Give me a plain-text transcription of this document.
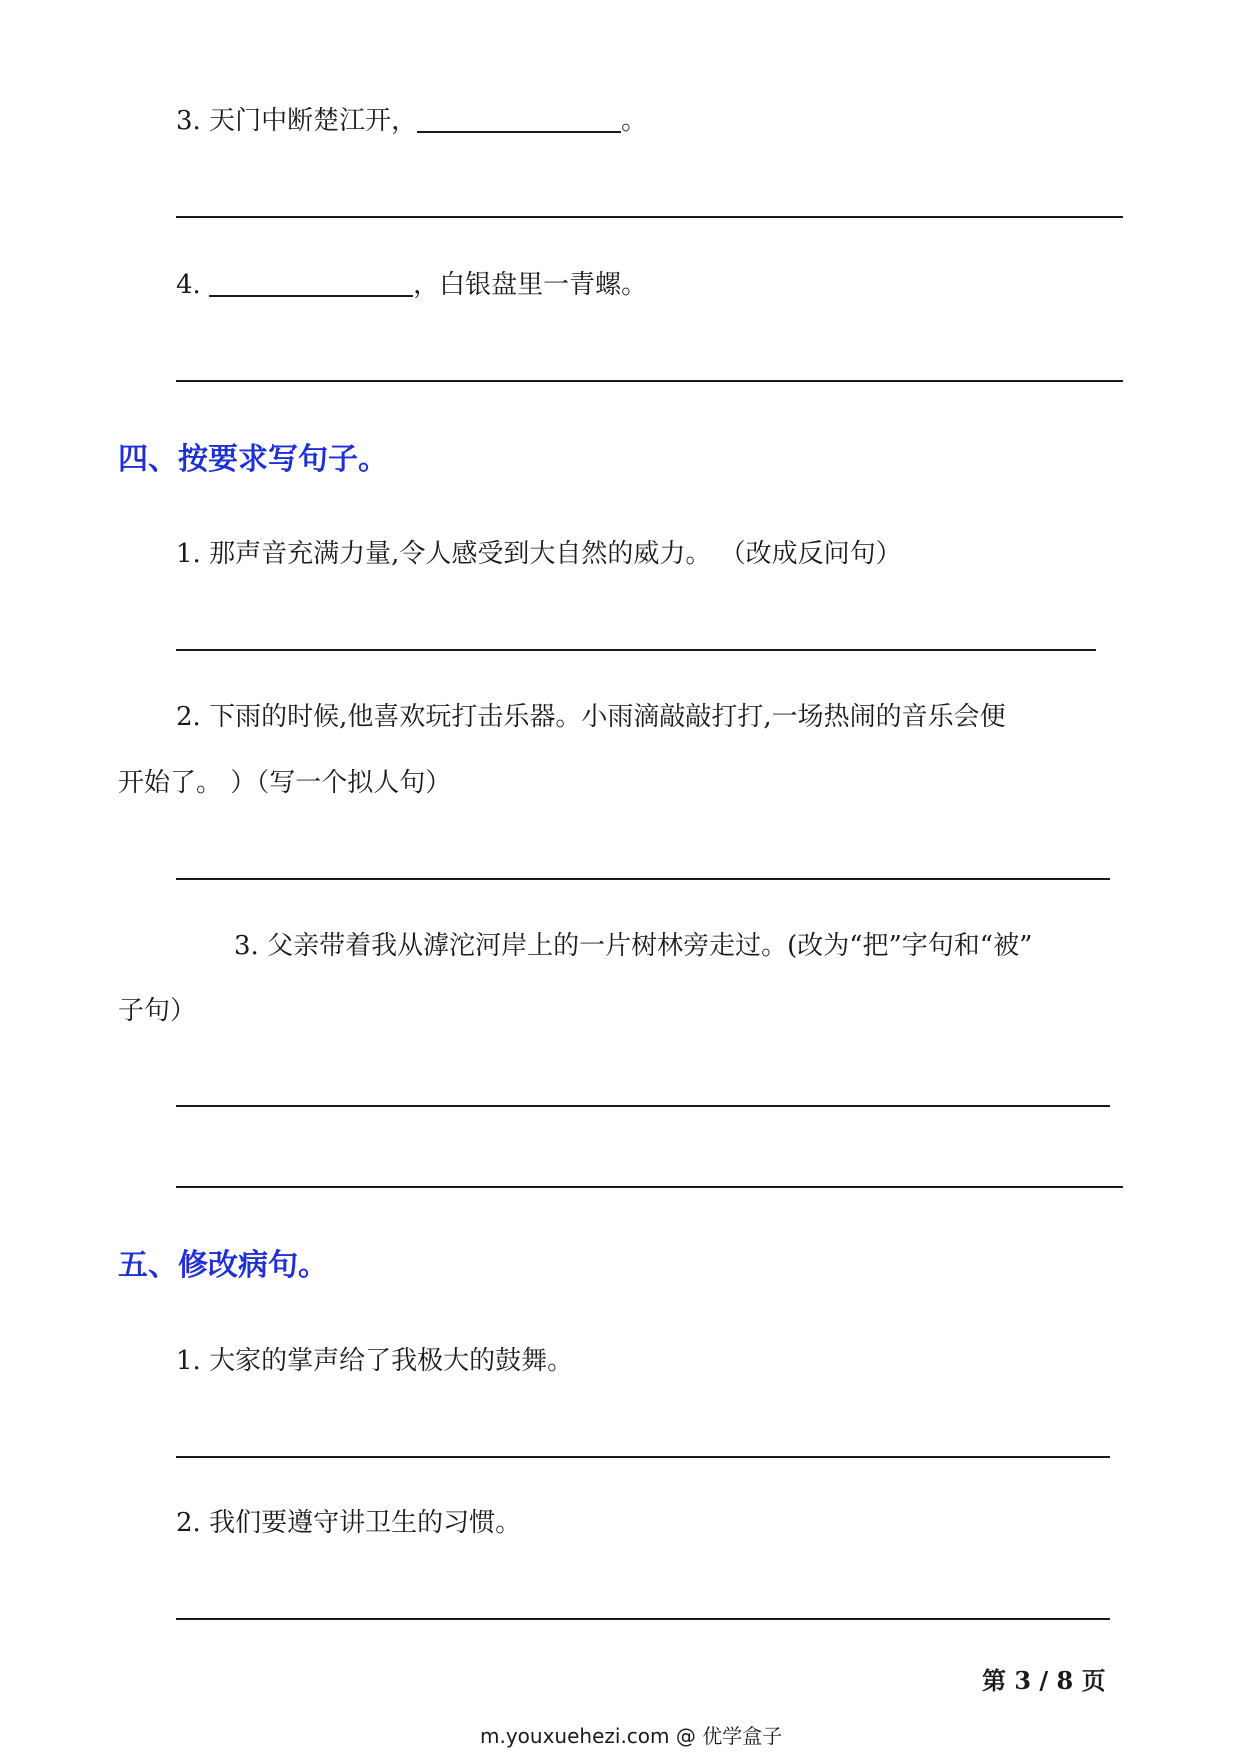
3. 天门中断楚江开，	。
4.	，白银盘里一青螺。
四、按要求写句子。
1. 那声音充满力量,令人感受到大自然的威力。 （改成反问句）
2. 下雨的时候,他喜欢玩打击乐器。小雨滴敲敲打打,一场热闹的音乐会便
开始了。 ）（写一个拟人句）
3. 父亲带着我从滹沱河岸上的一片树林旁走过。(改为“把”字句和“被”
子句）
五、修改病句。
1. 大家的掌声给了我极大的鼓舞。
2. 我们要遵守讲卫生的习惯。
第 3 / 8 页
m.youxuehezi.com @ 优学盒子
